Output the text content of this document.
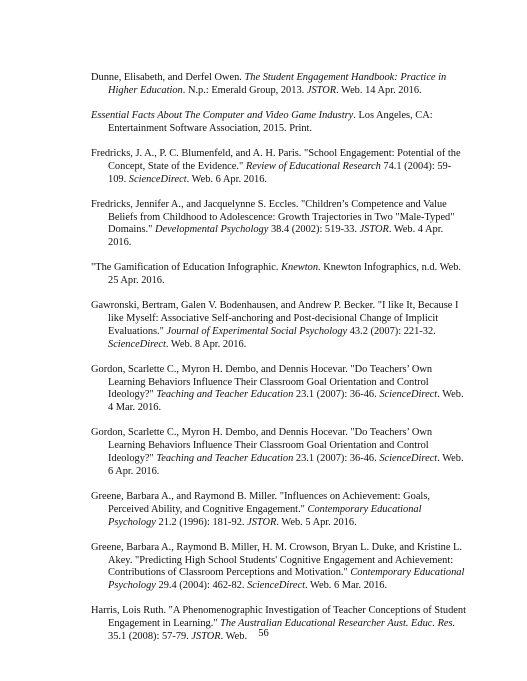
Dunne, Elisabeth, and Derfel Owen. The Student Engagement Handbook: Practice in Higher Education. N.p.: Emerald Group, 2013. JSTOR. Web. 14 Apr. 2016.

Essential Facts About The Computer and Video Game Industry. Los Angeles, CA: Entertainment Software Association, 2015. Print.

Fredricks, J. A., P. C. Blumenfeld, and A. H. Paris. "School Engagement: Potential of the Concept, State of the Evidence." Review of Educational Research 74.1 (2004): 59-109. ScienceDirect. Web. 6 Apr. 2016.

Fredricks, Jennifer A., and Jacquelynne S. Eccles. "Children’s Competence and Value Beliefs from Childhood to Adolescence: Growth Trajectories in Two "Male-Typed" Domains." Developmental Psychology 38.4 (2002): 519-33. JSTOR. Web. 4 Apr. 2016.

"The Gamification of Education Infographic. Knewton. Knewton Infographics, n.d. Web. 25 Apr. 2016.

Gawronski, Bertram, Galen V. Bodenhausen, and Andrew P. Becker. "I like It, Because I like Myself: Associative Self-anchoring and Post-decisional Change of Implicit Evaluations." Journal of Experimental Social Psychology 43.2 (2007): 221-32. ScienceDirect. Web. 8 Apr. 2016.

Gordon, Scarlette C., Myron H. Dembo, and Dennis Hocevar. "Do Teachers’ Own Learning Behaviors Influence Their Classroom Goal Orientation and Control Ideology?" Teaching and Teacher Education 23.1 (2007): 36-46. ScienceDirect. Web. 4 Mar. 2016.

Gordon, Scarlette C., Myron H. Dembo, and Dennis Hocevar. "Do Teachers’ Own Learning Behaviors Influence Their Classroom Goal Orientation and Control Ideology?" Teaching and Teacher Education 23.1 (2007): 36-46. ScienceDirect. Web. 6 Apr. 2016.

Greene, Barbara A., and Raymond B. Miller. "Influences on Achievement: Goals, Perceived Ability, and Cognitive Engagement." Contemporary Educational Psychology 21.2 (1996): 181-92. JSTOR. Web. 5 Apr. 2016.

Greene, Barbara A., Raymond B. Miller, H. M. Crowson, Bryan L. Duke, and Kristine L. Akey. "Predicting High School Students' Cognitive Engagement and Achievement: Contributions of Classroom Perceptions and Motivation." Contemporary Educational Psychology 29.4 (2004): 462-82. ScienceDirect. Web. 6 Mar. 2016.

Harris, Lois Ruth. "A Phenomenographic Investigation of Teacher Conceptions of Student Engagement in Learning." The Australian Educational Researcher Aust. Educ. Res. 35.1 (2008): 57-79. JSTOR. Web.	56
